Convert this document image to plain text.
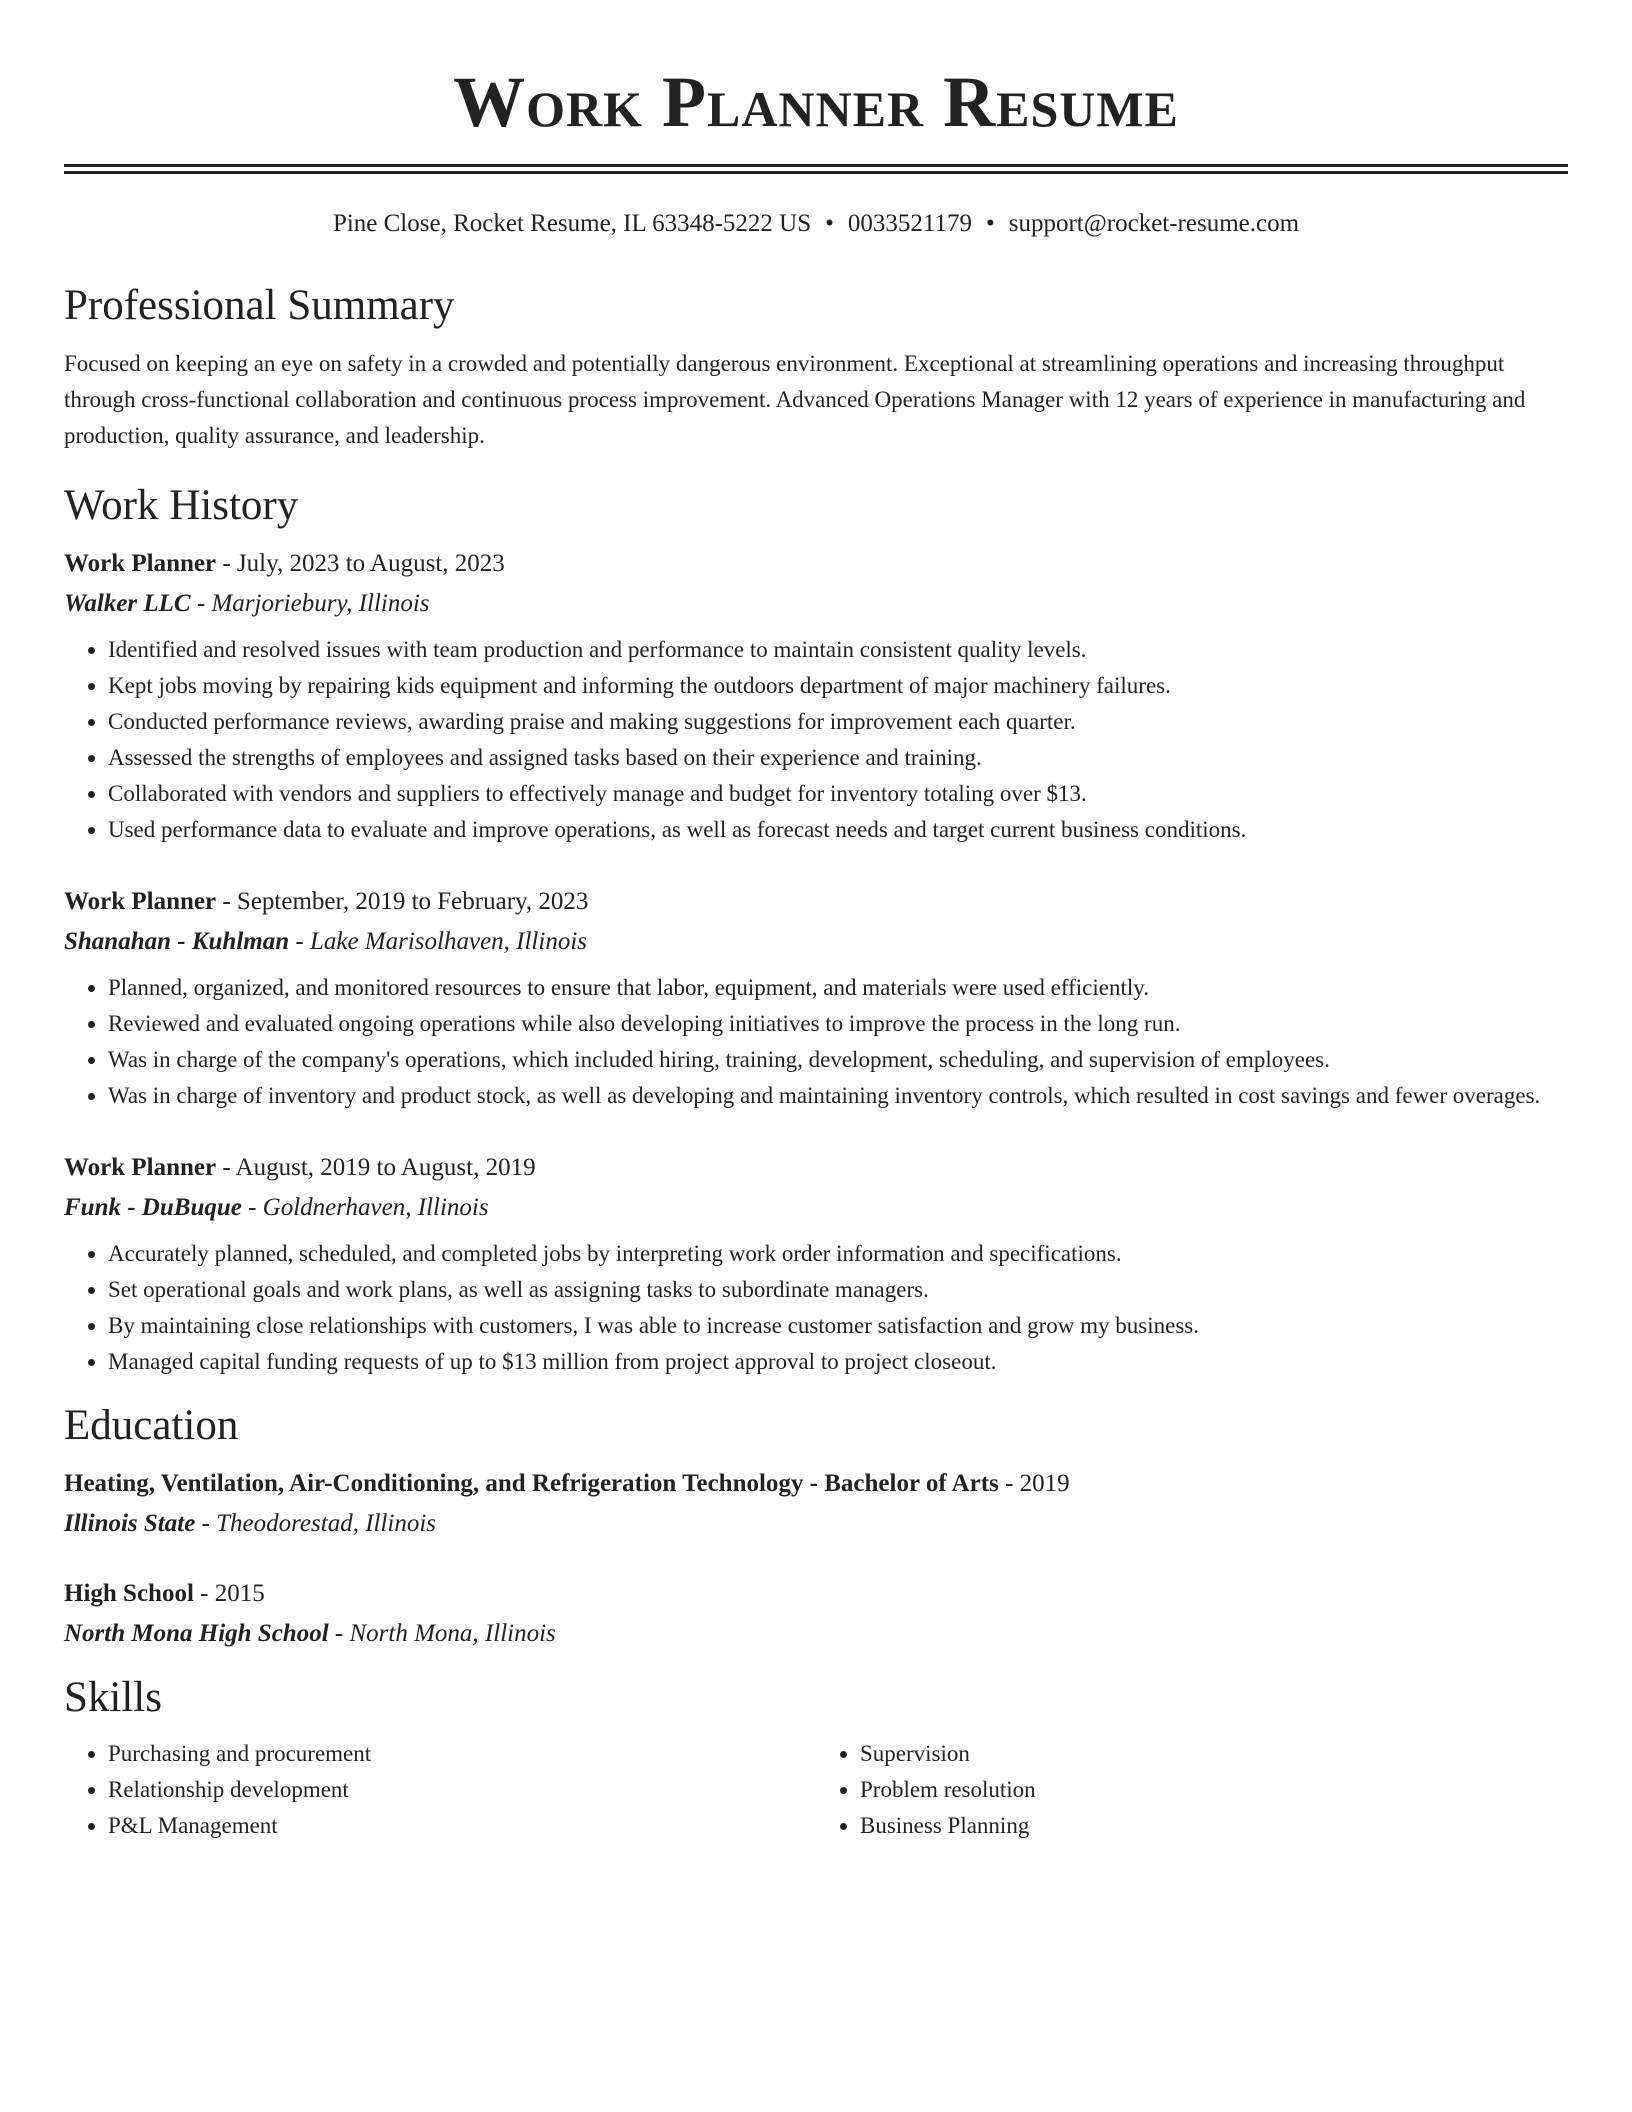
Work Planner Resume
Pine Close, Rocket Resume, IL 63348-5222 US • 0033521179 • support@rocket-resume.com
Professional Summary

Focused on keeping an eye on safety in a crowded and potentially dangerous environment. Exceptional at streamlining operations and increasing throughput through cross-functional collaboration and continuous process improvement. Advanced Operations Manager with 12 years of experience in manufacturing and production, quality assurance, and leadership.

Work History
Work Planner - July, 2023 to August, 2023
Walker LLC - Marjoriebury, Illinois
• Identified and resolved issues with team production and performance to maintain consistent quality levels.
• Kept jobs moving by repairing kids equipment and informing the outdoors department of major machinery failures.
• Conducted performance reviews, awarding praise and making suggestions for improvement each quarter.
• Assessed the strengths of employees and assigned tasks based on their experience and training.
• Collaborated with vendors and suppliers to effectively manage and budget for inventory totaling over $13.
• Used performance data to evaluate and improve operations, as well as forecast needs and target current business conditions.
Work Planner - September, 2019 to February, 2023
Shanahan - Kuhlman - Lake Marisolhaven, Illinois
• Planned, organized, and monitored resources to ensure that labor, equipment, and materials were used efficiently.
• Reviewed and evaluated ongoing operations while also developing initiatives to improve the process in the long run.
• Was in charge of the company's operations, which included hiring, training, development, scheduling, and supervision of employees.
• Was in charge of inventory and product stock, as well as developing and maintaining inventory controls, which resulted in cost savings and fewer overages.
Work Planner - August, 2019 to August, 2019
Funk - DuBuque - Goldnerhaven, Illinois
• Accurately planned, scheduled, and completed jobs by interpreting work order information and specifications.
• Set operational goals and work plans, as well as assigning tasks to subordinate managers.
• By maintaining close relationships with customers, I was able to increase customer satisfaction and grow my business.
• Managed capital funding requests of up to $13 million from project approval to project closeout.
Education
Heating, Ventilation, Air-Conditioning, and Refrigeration Technology - Bachelor of Arts - 2019
Illinois State - Theodorestad, Illinois
High School - 2015
North Mona High School - North Mona, Illinois
Skills
• Purchasing and procurement
• Relationship development
• P&L Management
• Supervision
• Problem resolution
• Business Planning
